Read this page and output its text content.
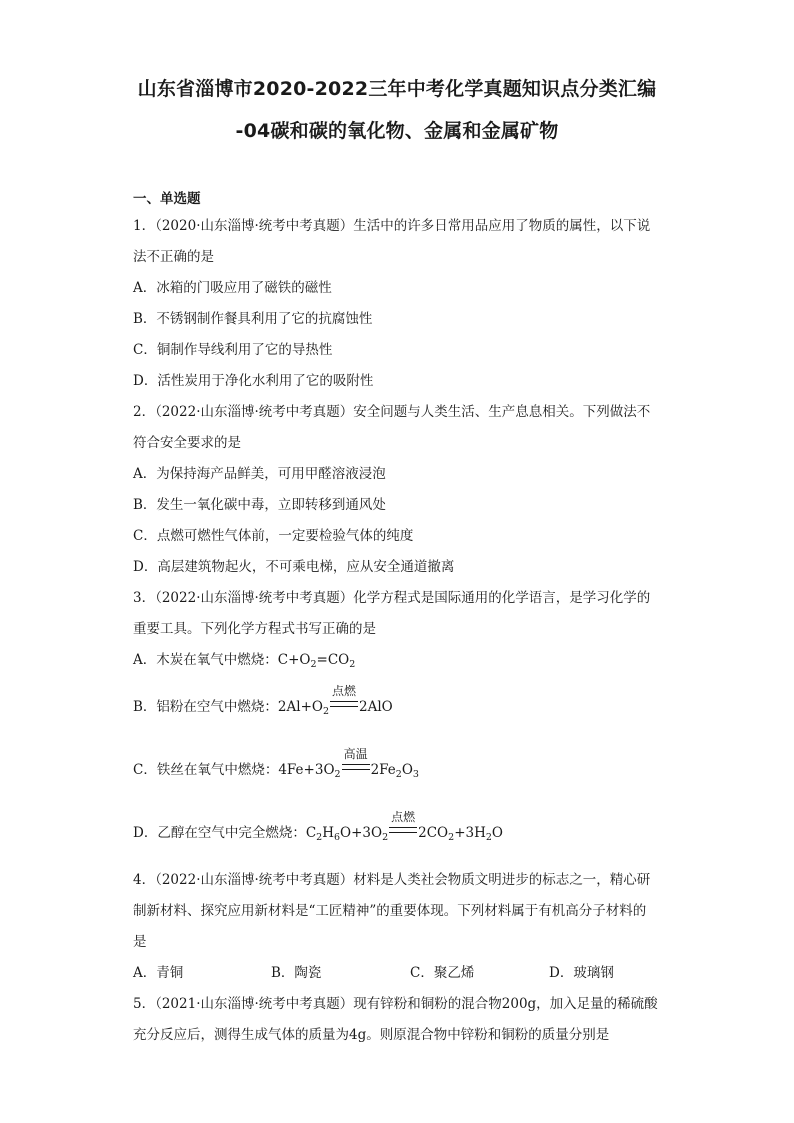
山东省淄博市2020-2022三年中考化学真题知识点分类汇编
-04碳和碳的氧化物、金属和金属矿物
一、单选题
1．（2020·山东淄博·统考中考真题）生活中的许多日常用品应用了物质的属性，以下说
法不正确的是
A．冰箱的门吸应用了磁铁的磁性
B．不锈钢制作餐具利用了它的抗腐蚀性
C．铜制作导线利用了它的导热性
D．活性炭用于净化水利用了它的吸附性
2．（2022·山东淄博·统考中考真题）安全问题与人类生活、生产息息相关。下列做法不
符合安全要求的是
A．为保持海产品鲜美，可用甲醛溶液浸泡
B．发生一氧化碳中毒，立即转移到通风处
C．点燃可燃性气体前，一定要检验气体的纯度
D．高层建筑物起火，不可乘电梯，应从安全通道撤离
3．（2022·山东淄博·统考中考真题）化学方程式是国际通用的化学语言，是学习化学的
重要工具。下列化学方程式书写正确的是
A．木炭在氧气中燃烧：$C+O_2=CO_2$
B．铝粉在空气中燃烧：$2Al+O_2$
点燃
2AlO
C．铁丝在氧气中燃烧：$4Fe+3O_2$
高温
$2Fe_2O_3$
D．乙醇在空气中完全燃烧：$C_2H_6O+3O_2$
点燃
$2CO_2+3H_2O$
4．（2022·山东淄博·统考中考真题）材料是人类社会物质文明进步的标志之一，精心研
制新材料、探究应用新材料是“工匠精神”的重要体现。下列材料属于有机高分子材料的
是
A．青铜	B．陶瓷	C．聚乙烯	D．玻璃钢
5．（2021·山东淄博·统考中考真题）现有锌粉和铜粉的混合物200g，加入足量的稀硫酸
充分反应后，测得生成气体的质量为4g。则原混合物中锌粉和铜粉的质量分别是
